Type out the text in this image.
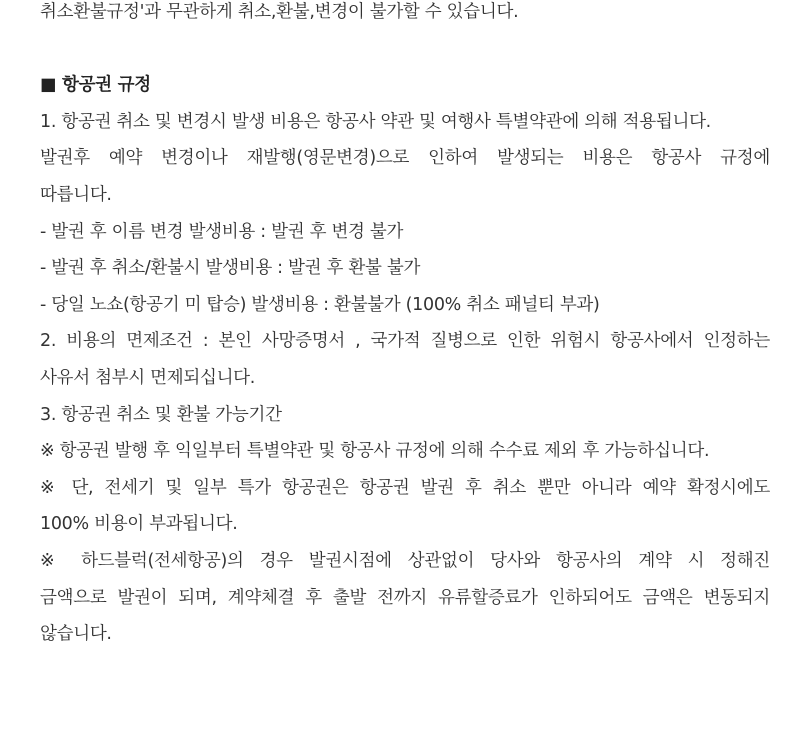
취소환불규정'과 무관하게 취소,환불,변경이 불가할 수 있습니다.
■ 항공권 규정
1. 항공권 취소 및 변경시 발생 비용은 항공사 약관 및 여행사 특별약관에 의해 적용됩니다.
발권후 예약 변경이나 재발행(영문변경)으로 인하여 발생되는 비용은 항공사 규정에
따릅니다.
- 발권 후 이름 변경 발생비용 : 발권 후 변경 불가
- 발권 후 취소/환불시 발생비용 : 발권 후 환불 불가
- 당일 노쇼(항공기 미 탑승) 발생비용 : 환불불가 (100% 취소 패널티 부과)
2. 비용의 면제조건 : 본인 사망증명서 , 국가적 질병으로 인한 위험시 항공사에서 인정하는
사유서 첨부시 면제되십니다.
3. 항공권 취소 및 환불 가능기간
※ 항공권 발행 후 익일부터 특별약관 및 항공사 규정에 의해 수수료 제외 후 가능하십니다.
※ 단, 전세기 및 일부 특가 항공권은 항공권 발권 후 취소 뿐만 아니라 예약 확정시에도
100% 비용이 부과됩니다.
※ 하드블럭(전세항공)의 경우 발권시점에 상관없이 당사와 항공사의 계약 시 정해진
금액으로 발권이 되며, 계약체결 후 출발 전까지 유류할증료가 인하되어도 금액은 변동되지
않습니다.
